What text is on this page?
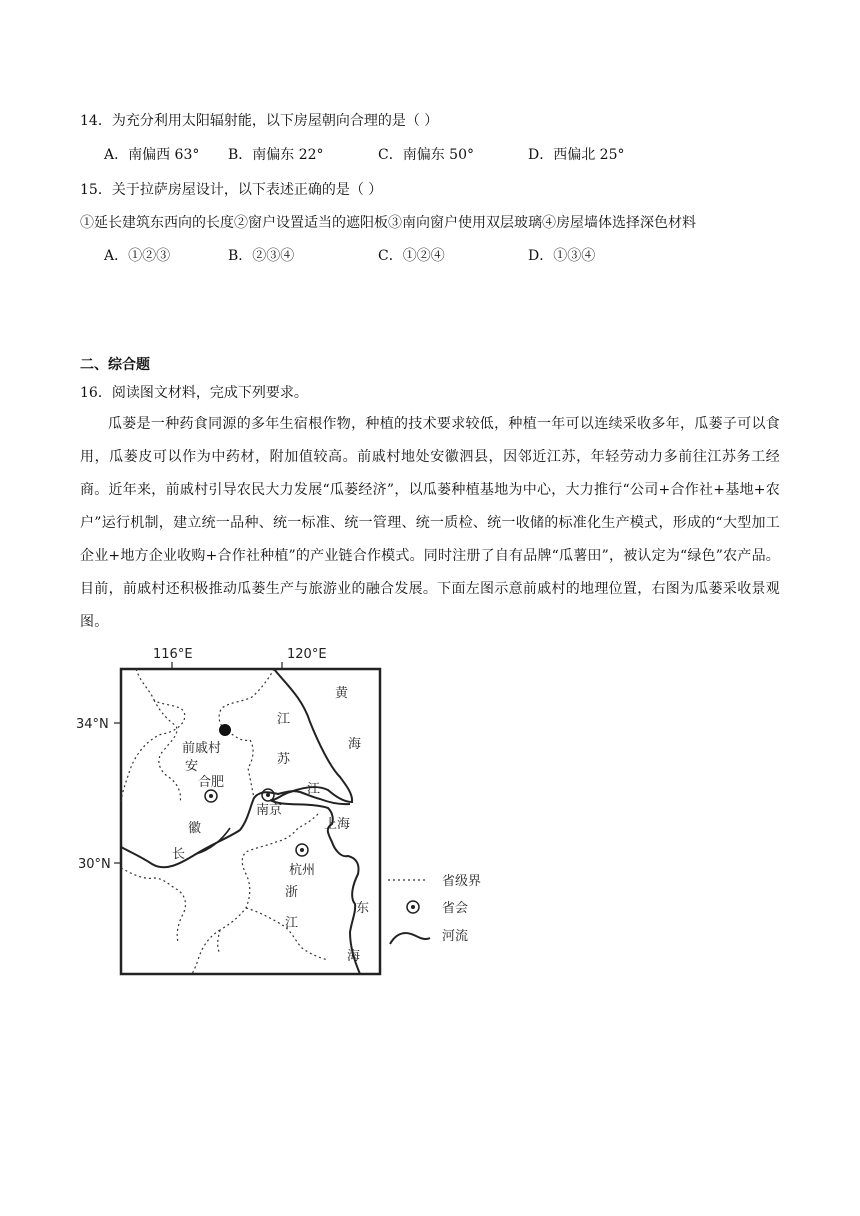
14．为充分利用太阳辐射能，以下房屋朝向合理的是（ ）
A．南偏西 63° B．南偏东 22°	C．南偏东 50°	D．西偏北 25°
15．关于拉萨房屋设计，以下表述正确的是（ ）
①延长建筑东西向的长度②窗户设置适当的遮阳板③南向窗户使用双层玻璃④房屋墙体选择深色材料
A．①②③	B．②③④	C．①②④	D．①③④
二、综合题
16．阅读图文材料，完成下列要求。
瓜蒌是一种药食同源的多年生宿根作物，种植的技术要求较低，种植一年可以连续采收多年，瓜蒌子可以食用，瓜蒌皮可以作为中药材，附加值较高。前戚村地处安徽泗县，因邻近江苏，年轻劳动力多前往江苏务工经商。近年来，前戚村引导农民大力发展“瓜蒌经济”，以瓜蒌种植基地为中心，大力推行“公司+合作社+基地+农户”运行机制，建立统一品种、统一标准、统一管理、统一质检、统一收储的标准化生产模式，形成的“大型加工企业+地方企业收购+合作社种植”的产业链合作模式。同时注册了自有品牌“瓜薯田”，被认定为“绿色”农产品。目前，前戚村还积极推动瓜蒌生产与旅游业的融合发展。下面左图示意前戚村的地理位置，右图为瓜蒌采收景观图。
116°E	120°E
34°N
30°N
前戚村
合肥
南京
上海
杭州
安
徽
江
苏
江
长
浙
江
黄
海
东
海
省级界
省会
河流
